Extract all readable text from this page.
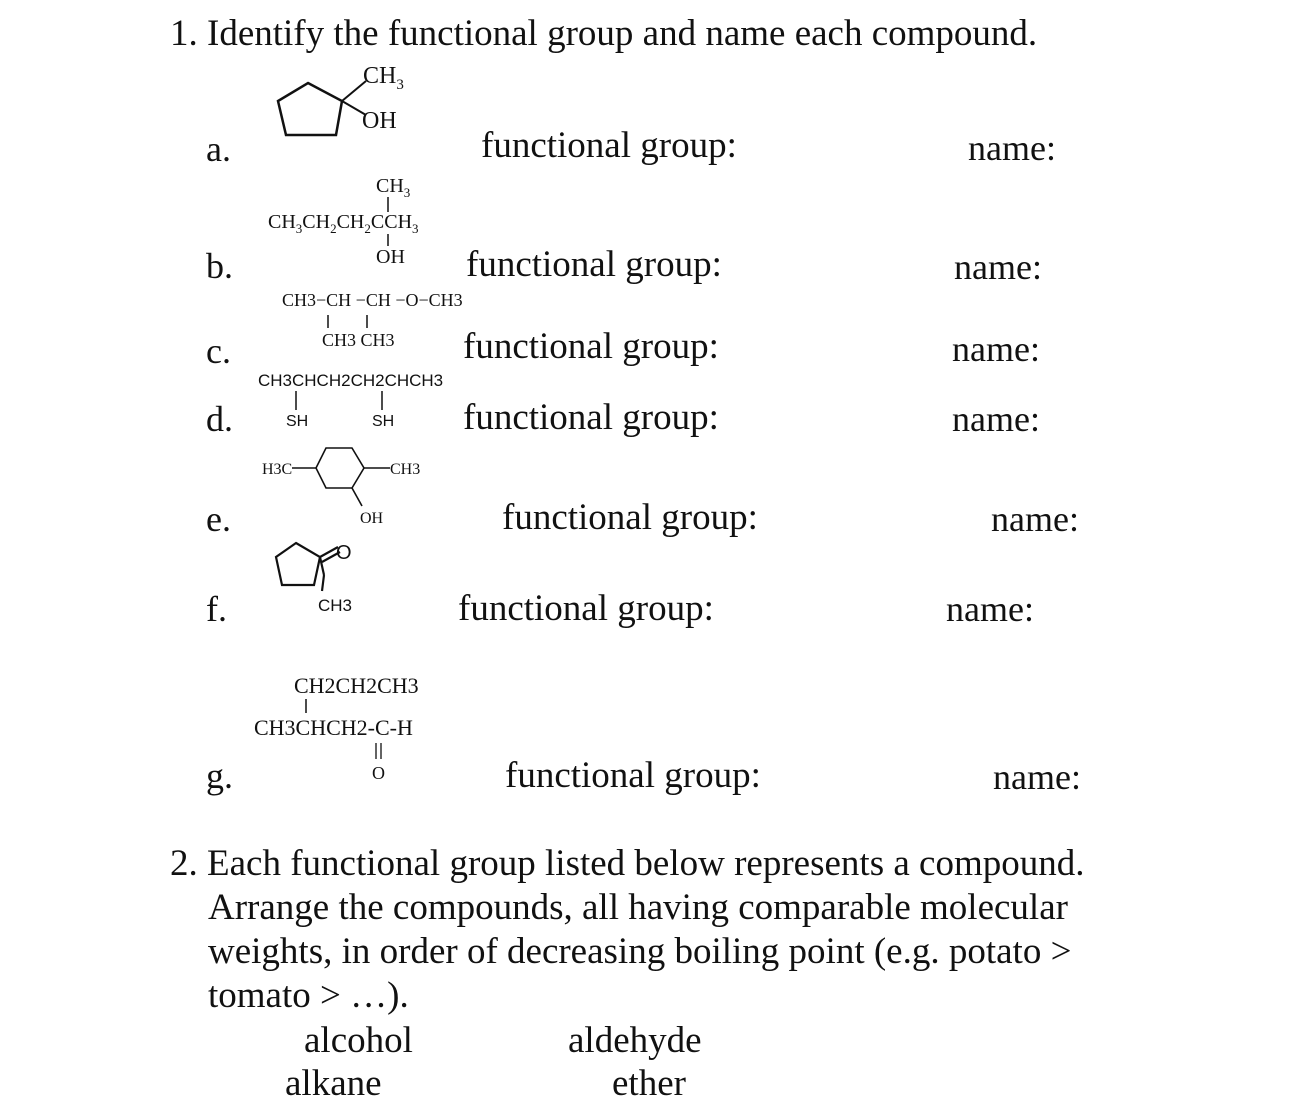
1. Identify the functional group and name each compound.
a.
$CH_3$
OH
functional group:	name:
b.
$CH_3$
$CH_3CH_2CH_2CCH_3$
OH functional group:	name:
c.
CH3−CH −CH −O−CH3
CH3 CH3 functional group:	name:
d.
CH3CHCH2CH2CHCH3
SH	SH functional group:	name:
e.
H3C	CH3
OH	functional group:	name:
f.
O
CH3	functional group:	name:
g.
CH2CH2CH3
CH3CHCH2-C-H
O	functional group:	name:
2. Each functional group listed below represents a compound.
Arrange the compounds, all having comparable molecular
weights, in order of decreasing boiling point (e.g. potato >
tomato > …).
alcohol	aldehyde
alkane	ether
